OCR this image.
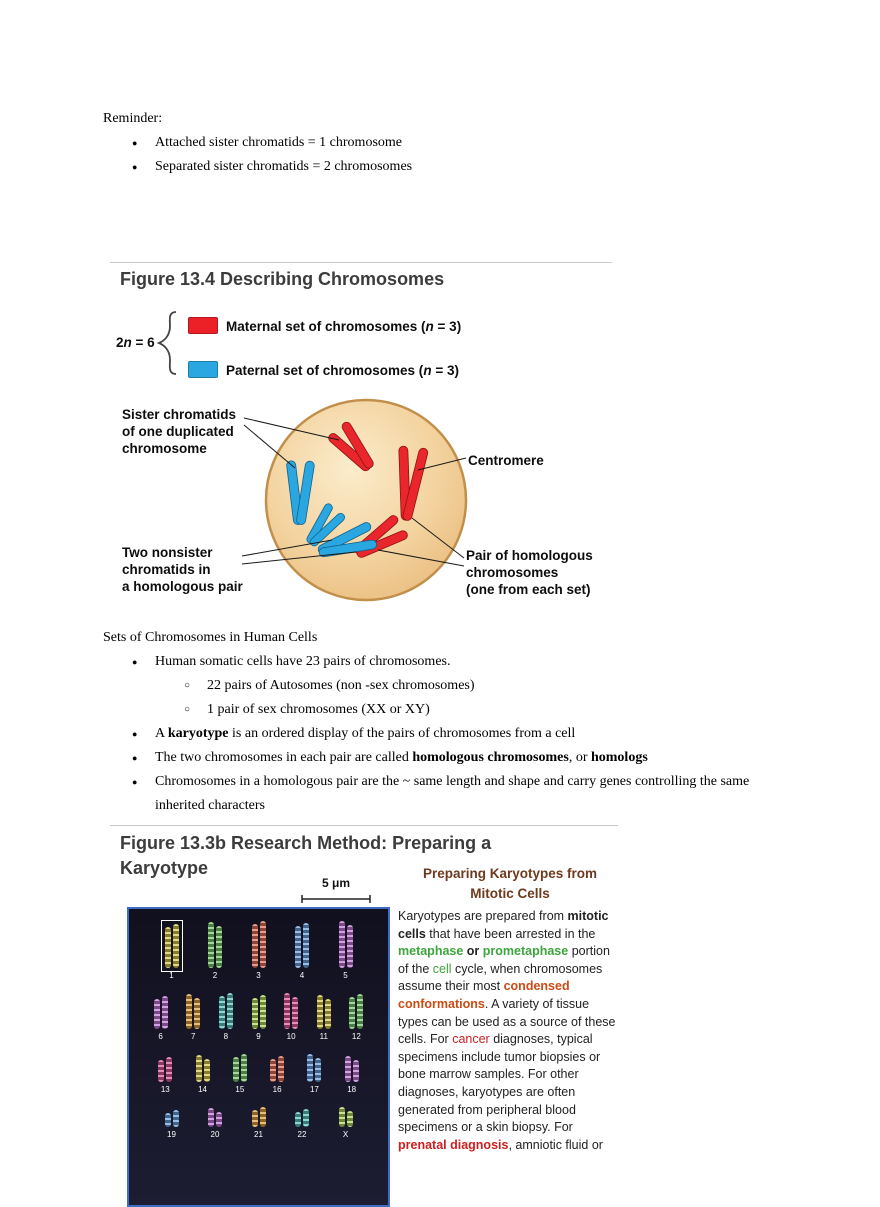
Reminder:
● Attached sister chromatids = 1 chromosome
● Separated sister chromatids = 2 chromosomes
Figure 13.4 Describing Chromosomes
2n = 6
Maternal set of chromosomes (n = 3)
Paternal set of chromosomes (n = 3)
Sister chromatids
of one duplicated
chromosome
Centromere
Two nonsister
chromatids in
a homologous pair
Pair of homologous
chromosomes
(one from each set)
Sets of Chromosomes in Human Cells
● Human somatic cells have 23 pairs of chromosomes.
○ 22 pairs of Autosomes (non -sex chromosomes)
○ 1 pair of sex chromosomes (XX or XY)
● A karyotype is an ordered display of the pairs of chromosomes from a cell
● The two chromosomes in each pair are called homologous chromosomes, or homologs
● Chromosomes in a homologous pair are the ~ same length and shape and carry genes controlling the same inherited characters
Figure 13.3b Research Method: Preparing a
Karyotype
5 μm
1	2	3	4	5
6	7	8	9	10	11	12
13	14	15	16	17	18
19	20	21	22	X
Preparing Karyotypes from
Mitotic Cells
Karyotypes are prepared from mitotic cells that have been arrested in the metaphase or prometaphase portion of the cell cycle, when chromosomes assume their most condensed conformations. A variety of tissue types can be used as a source of these cells. For cancer diagnoses, typical specimens include tumor biopsies or bone marrow samples. For other diagnoses, karyotypes are often generated from peripheral blood specimens or a skin biopsy. For prenatal diagnosis, amniotic fluid or
